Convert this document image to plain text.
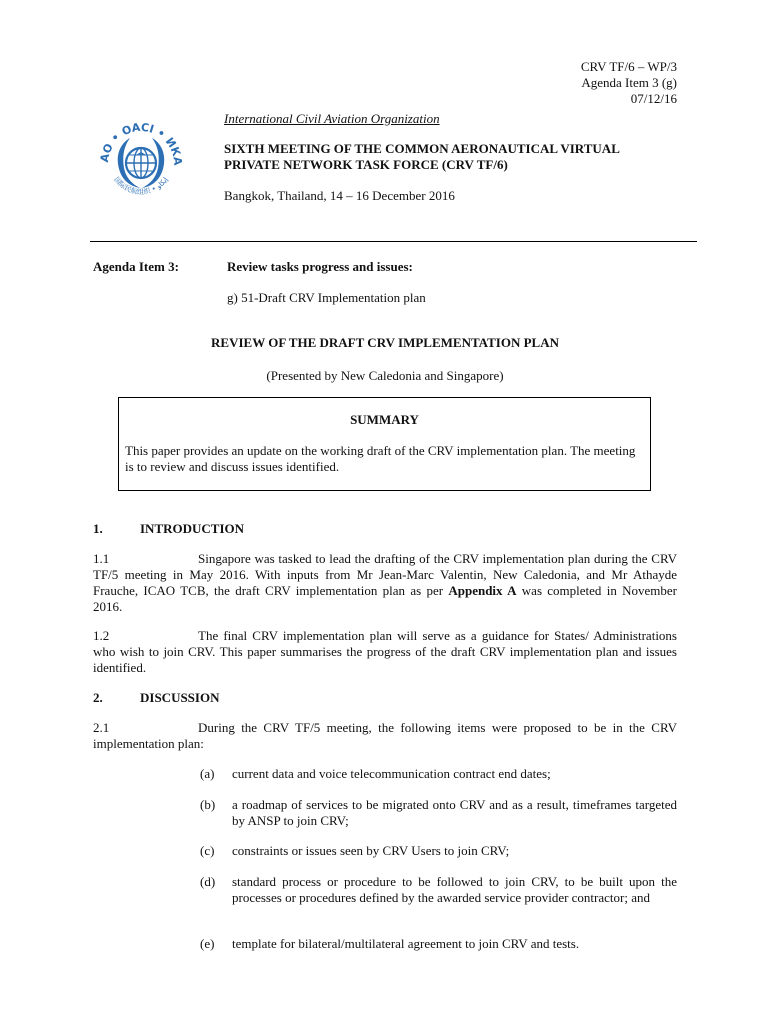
CRV TF/6 – WP/3
Agenda Item 3 (g)
07/12/16
AO • OACI • ИКА
国际民航组织 • إيكاو
International Civil Aviation Organization
SIXTH MEETING OF THE COMMON AERONAUTICAL VIRTUAL PRIVATE NETWORK TASK FORCE (CRV TF/6)
Bangkok, Thailand, 14 – 16 December 2016
Agenda Item 3:	Review tasks progress and issues:
g) 51-Draft CRV Implementation plan
REVIEW OF THE DRAFT CRV IMPLEMENTATION PLAN
(Presented by New Caledonia and Singapore)
SUMMARY
This paper provides an update on the working draft of the CRV implementation plan. The meeting is to review and discuss issues identified.
1.	INTRODUCTION
1.1	Singapore was tasked to lead the drafting of the CRV implementation plan during the CRV TF/5 meeting in May 2016. With inputs from Mr Jean-Marc Valentin, New Caledonia, and Mr Athayde Frauche, ICAO TCB, the draft CRV implementation plan as per Appendix A was completed in November 2016.
1.2	The final CRV implementation plan will serve as a guidance for States/ Administrations who wish to join CRV. This paper summarises the progress of the draft CRV implementation plan and issues identified.
2.	DISCUSSION
2.1	During the CRV TF/5 meeting, the following items were proposed to be in the CRV implementation plan:
(a) current data and voice telecommunication contract end dates;
(b) a roadmap of services to be migrated onto CRV and as a result, timeframes targeted by ANSP to join CRV;
(c) constraints or issues seen by CRV Users to join CRV;
(d) standard process or procedure to be followed to join CRV, to be built upon the processes or procedures defined by the awarded service provider contractor; and
(e) template for bilateral/multilateral agreement to join CRV and tests.
